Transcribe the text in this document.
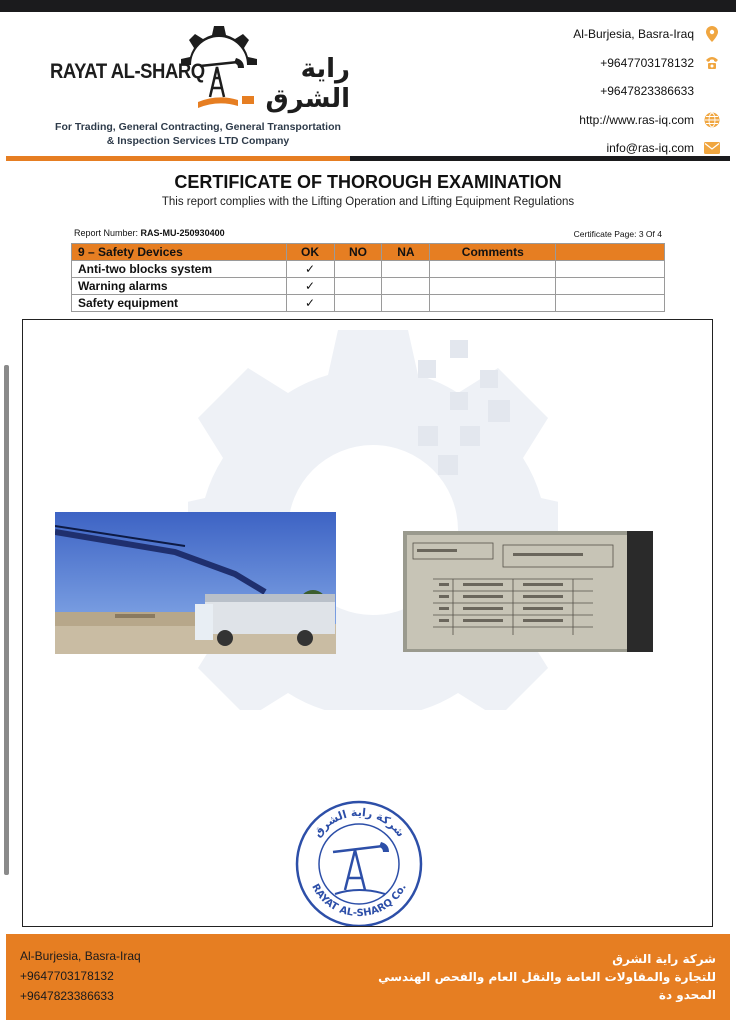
RAYAT AL-SHARQ	راية الشرق
For Trading, General Contracting, General Transportation
& Inspection Services LTD Company
Al-Burjesia, Basra-Iraq
+9647703178132
+9647823386633
http://www.ras-iq.com
info@ras-iq.com
CERTIFICATE OF THOROUGH EXAMINATION
This report complies with the Lifting Operation and Lifting Equipment Regulations
Report Number: RAS-MU-250930400	Certificate Page: 3 Of 4
9 – Safety Devices	OK	NO	NA	Comments	
Anti-two blocks system	✓				
Warning alarms	✓				
Safety equipment	✓				
شركة راية الشرق
RAYAT AL-SHARQ Co.
Al-Burjesia, Basra-Iraq
+9647703178132
+9647823386633
شركة راية الشرق
للتجارة والمقاولات العامة والنقل العام والفحص الهندسي
المحدو دة
